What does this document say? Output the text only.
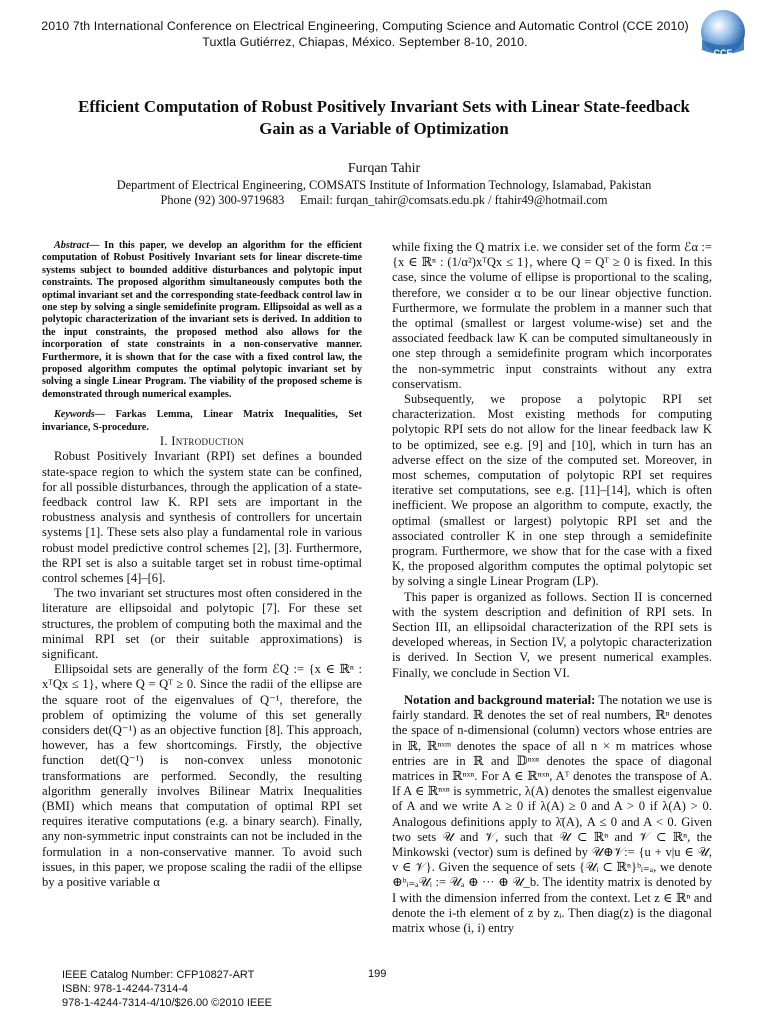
2010 7th International Conference on Electrical Engineering, Computing Science and Automatic Control (CCE 2010)
Tuxtla Gutiérrez, Chiapas, México. September 8-10, 2010.
CCE
Efficient Computation of Robust Positively Invariant Sets with Linear State-feedback Gain as a Variable of Optimization
Furqan Tahir
Department of Electrical Engineering, COMSATS Institute of Information Technology, Islamabad, Pakistan
Phone (92) 300-9719683     Email: furqan_tahir@comsats.edu.pk / ftahir49@hotmail.com

Abstract— In this paper, we develop an algorithm for the efficient computation of Robust Positively Invariant sets for linear discrete-time systems subject to bounded additive disturbances and polytopic input constraints. The proposed algorithm simultaneously computes both the optimal invariant set and the corresponding state-feedback control law in one step by solving a single semidefinite program. Ellipsoidal as well as a polytopic characterization of the invariant sets is derived. In addition to the input constraints, the proposed method also allows for the incorporation of state constraints in a non-conservative manner. Furthermore, it is shown that for the case with a fixed control law, the proposed algorithm computes the optimal polytopic invariant set by solving a single Linear Program. The viability of the proposed scheme is demonstrated through numerical examples.

Keywords— Farkas Lemma, Linear Matrix Inequalities, Set invariance, S-procedure.

I. Introduction

Robust Positively Invariant (RPI) set defines a bounded state-space region to which the system state can be confined, for all possible disturbances, through the application of a state-feedback control law K. RPI sets are important in the robustness analysis and synthesis of controllers for uncertain systems [1]. These sets also play a fundamental role in various robust model predictive control schemes [2], [3]. Furthermore, the RPI set is also a suitable target set in robust time-optimal control schemes [4]–[6].

The two invariant set structures most often considered in the literature are ellipsoidal and polytopic [7]. For these set structures, the problem of computing both the maximal and the minimal RPI set (or their suitable approximations) is significant.

Ellipsoidal sets are generally of the form ℰQ := {x ∈ ℝⁿ : xᵀQx ≤ 1}, where Q = Qᵀ ≥ 0. Since the radii of the ellipse are the square root of the eigenvalues of Q⁻¹, therefore, the problem of optimizing the volume of this set generally considers det(Q⁻¹) as an objective function [8]. This approach, however, has a few shortcomings. Firstly, the objective function det(Q⁻¹) is non-convex unless monotonic transformations are performed. Secondly, the resulting algorithm generally involves Bilinear Matrix Inequalities (BMI) which means that computation of optimal RPI set requires iterative computations (e.g. a binary search). Finally, any non-symmetric input constraints can not be included in the formulation in a non-conservative manner. To avoid such issues, in this paper, we propose scaling the radii of the ellipse by a positive variable α

while fixing the Q matrix i.e. we consider set of the form ℰα := {x ∈ ℝⁿ : (1/α²)xᵀQx ≤ 1}, where Q = Qᵀ ≥ 0 is fixed. In this case, since the volume of ellipse is proportional to the scaling, therefore, we consider α to be our linear objective function. Furthermore, we formulate the problem in a manner such that the optimal (smallest or largest volume-wise) set and the associated feedback law K can be computed simultaneously in one step through a semidefinite program which incorporates the non-symmetric input constraints without any extra conservatism.

Subsequently, we propose a polytopic RPI set characterization. Most existing methods for computing polytopic RPI sets do not allow for the linear feedback law K to be optimized, see e.g. [9] and [10], which in turn has an adverse effect on the size of the computed set. Moreover, in most schemes, computation of polytopic RPI set requires iterative set computations, see e.g. [11]–[14], which is often inefficient. We propose an algorithm to compute, exactly, the optimal (smallest or largest) polytopic RPI set and the associated controller K in one step through a semidefinite program. Furthermore, we show that for the case with a fixed K, the proposed algorithm computes the optimal polytopic set by solving a single Linear Program (LP).

This paper is organized as follows. Section II is concerned with the system description and definition of RPI sets. In Section III, an ellipsoidal characterization of the RPI sets is developed whereas, in Section IV, a polytopic characterization is derived. In Section V, we present numerical examples. Finally, we conclude in Section VI.

Notation and background material: The notation we use is fairly standard. ℝ denotes the set of real numbers, ℝⁿ denotes the space of n-dimensional (column) vectors whose entries are in ℝ, ℝⁿˣᵐ denotes the space of all n × m matrices whose entries are in ℝ and 𝔻ⁿˣⁿ denotes the space of diagonal matrices in ℝⁿˣⁿ. For A ∈ ℝⁿˣⁿ, Aᵀ denotes the transpose of A. If A ∈ ℝⁿˣⁿ is symmetric, λ(A) denotes the smallest eigenvalue of A and we write A ≥ 0 if λ(A) ≥ 0 and A > 0 if λ(A) > 0. Analogous definitions apply to λ̄(A), A ≤ 0 and A < 0. Given two sets 𝒰 and 𝒱, such that 𝒰 ⊂ ℝⁿ and 𝒱 ⊂ ℝⁿ, the Minkowski (vector) sum is defined by 𝒰⊕𝒱:= {u + v|u ∈ 𝒰, v ∈ 𝒱}. Given the sequence of sets {𝒰ᵢ ⊂ ℝⁿ}ᵇᵢ₌ₐ, we denote ⊕ᵇᵢ₌ₐ𝒰ᵢ := 𝒰ₐ ⊕ ··· ⊕ 𝒰_b. The identity matrix is denoted by I with the dimension inferred from the context. Let z ∈ ℝⁿ and denote the i-th element of z by zᵢ. Then diag(z) is the diagonal matrix whose (i, i) entry

IEEE Catalog Number: CFP10827-ART
ISBN: 978-1-4244-7314-4
978-1-4244-7314-4/10/$26.00 ©2010 IEEE
199
